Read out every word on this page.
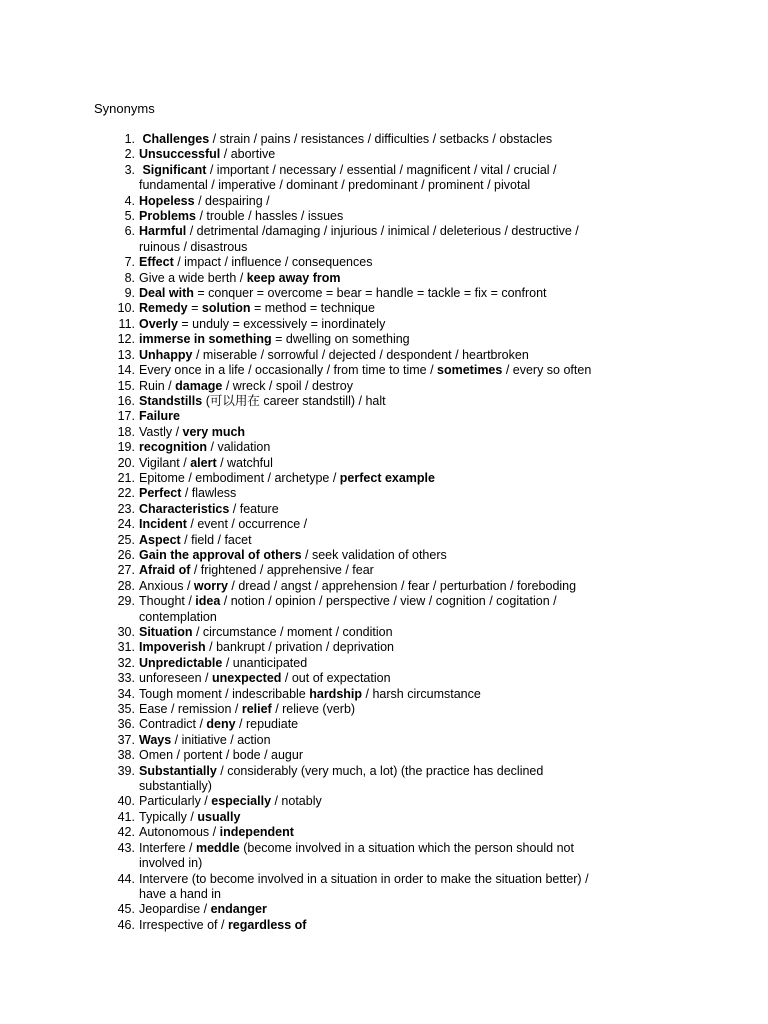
Synonyms
1. Challenges / strain / pains / resistances / difficulties / setbacks / obstacles
2. Unsuccessful / abortive
3. Significant / important / necessary / essential / magnificent / vital / crucial /
fundamental / imperative / dominant / predominant / prominent / pivotal
4. Hopeless / despairing /
5. Problems / trouble / hassles / issues
6. Harmful / detrimental /damaging / injurious / inimical / deleterious / destructive /
ruinous / disastrous
7. Effect / impact / influence / consequences
8. Give a wide berth / keep away from
9. Deal with = conquer = overcome = bear = handle = tackle = fix = confront
10. Remedy = solution = method = technique
11. Overly = unduly = excessively = inordinately
12. immerse in something = dwelling on something
13. Unhappy / miserable / sorrowful / dejected / despondent / heartbroken
14. Every once in a life / occasionally / from time to time / sometimes / every so often
15. Ruin / damage / wreck / spoil / destroy
16. Standstills (可以用在 career standstill) / halt
17. Failure
18. Vastly / very much
19. recognition / validation
20. Vigilant / alert / watchful
21. Epitome / embodiment / archetype / perfect example
22. Perfect / flawless
23. Characteristics / feature
24. Incident / event / occurrence /
25. Aspect / field / facet
26. Gain the approval of others / seek validation of others
27. Afraid of / frightened / apprehensive / fear
28. Anxious / worry / dread / angst / apprehension / fear / perturbation / foreboding
29. Thought / idea / notion / opinion / perspective / view / cognition / cogitation /
contemplation
30. Situation / circumstance / moment / condition
31. Impoverish / bankrupt / privation / deprivation
32. Unpredictable / unanticipated
33. unforeseen / unexpected / out of expectation
34. Tough moment / indescribable hardship / harsh circumstance
35. Ease / remission / relief / relieve (verb)
36. Contradict / deny / repudiate
37. Ways / initiative / action
38. Omen / portent / bode / augur
39. Substantially / considerably (very much, a lot) (the practice has declined
substantially)
40. Particularly / especially / notably
41. Typically / usually
42. Autonomous / independent
43. Interfere / meddle (become involved in a situation which the person should not
involved in)
44. Intervere (to become involved in a situation in order to make the situation better) /
have a hand in
45. Jeopardise / endanger
46. Irrespective of / regardless of
